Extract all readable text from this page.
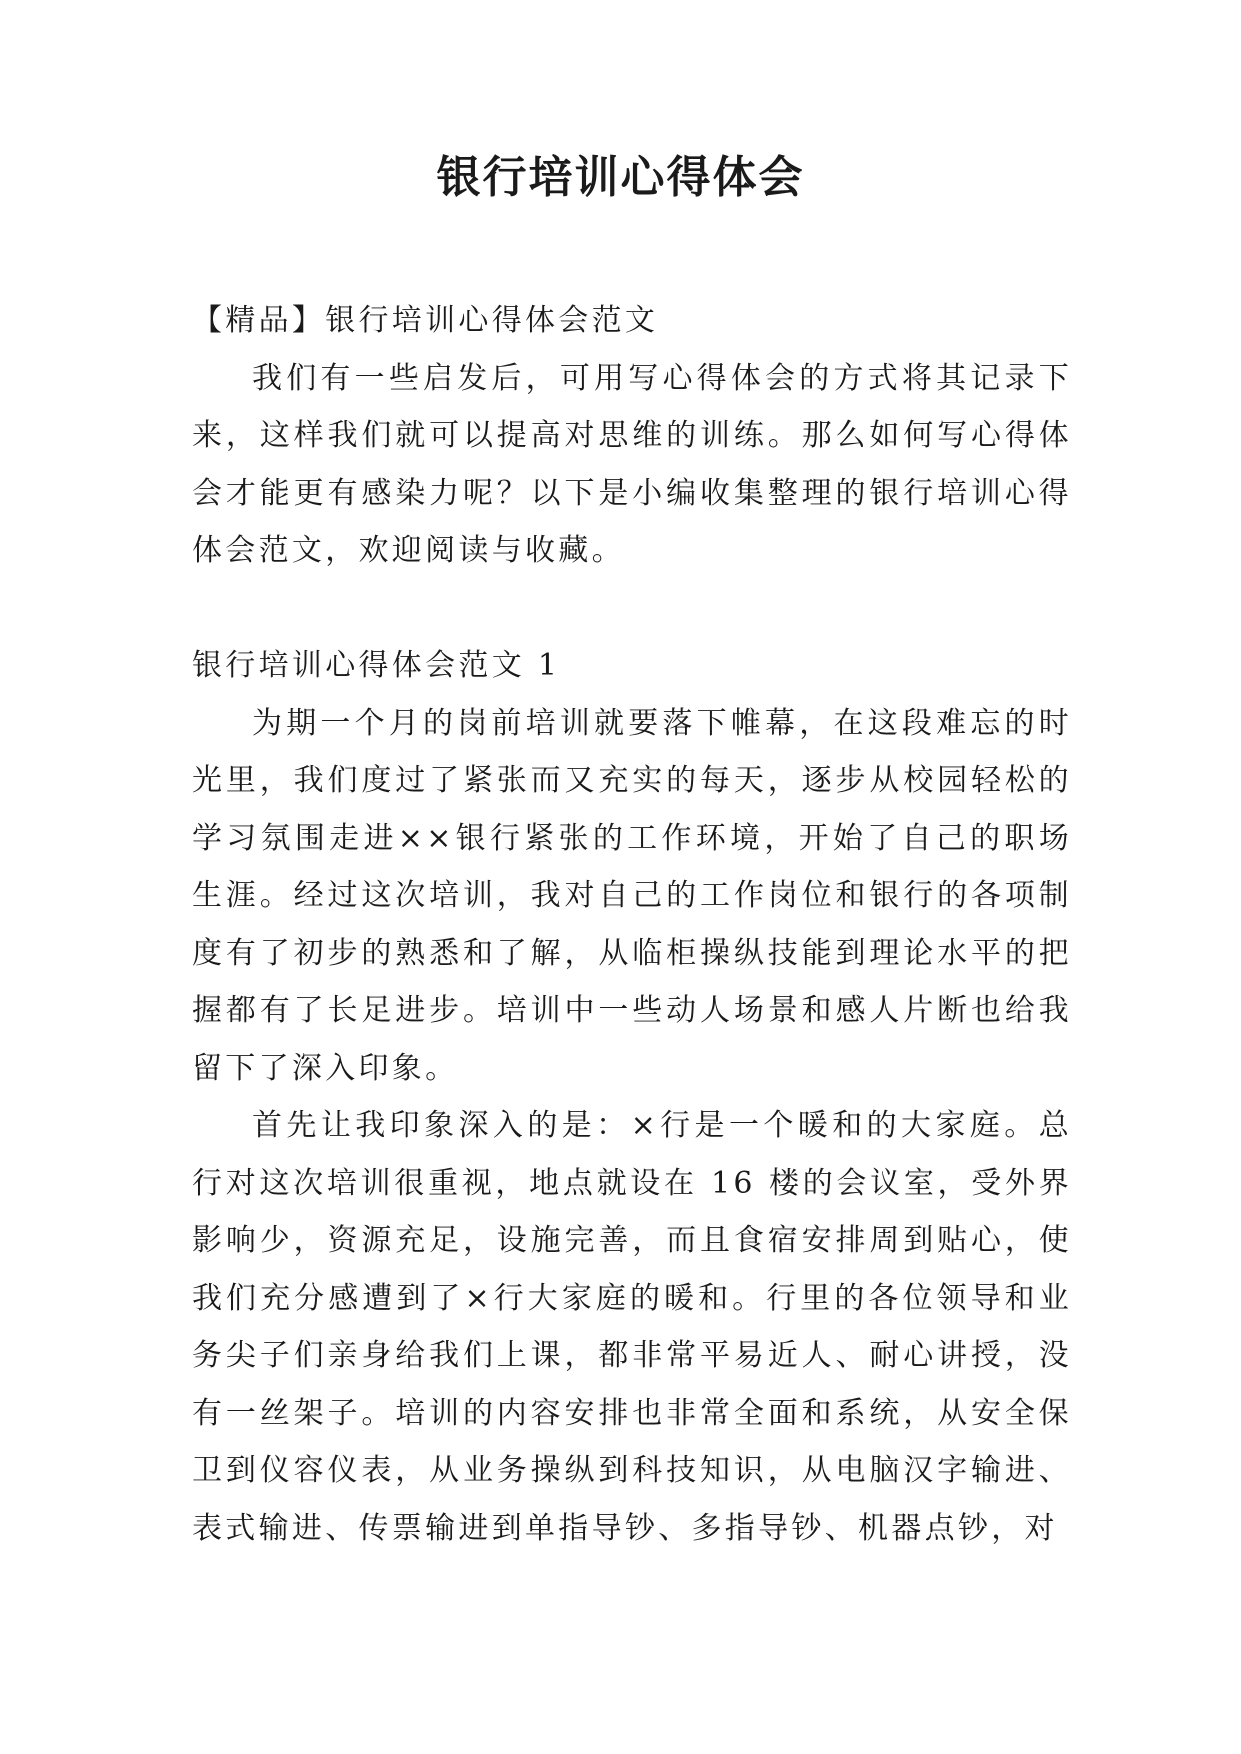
银行培训心得体会

【精品】银行培训心得体会范文

我们有一些启发后，可用写心得体会的方式将其记录下来，这样我们就可以提高对思维的训练。那么如何写心得体会才能更有感染力呢？以下是小编收集整理的银行培训心得体会范文，欢迎阅读与收藏。

银行培训心得体会范文 1

为期一个月的岗前培训就要落下帷幕，在这段难忘的时光里，我们度过了紧张而又充实的每天，逐步从校园轻松的学习氛围走进××银行紧张的工作环境，开始了自己的职场生涯。经过这次培训，我对自己的工作岗位和银行的各项制度有了初步的熟悉和了解，从临柜操纵技能到理论水平的把握都有了长足进步。培训中一些动人场景和感人片断也给我留下了深入印象。

首先让我印象深入的是：×行是一个暖和的大家庭。总行对这次培训很重视，地点就设在 16 楼的会议室，受外界影响少，资源充足，设施完善，而且食宿安排周到贴心，使我们充分感遭到了×行大家庭的暖和。行里的各位领导和业务尖子们亲身给我们上课，都非常平易近人、耐心讲授，没有一丝架子。培训的内容安排也非常全面和系统，从安全保卫到仪容仪表，从业务操纵到科技知识，从电脑汉字输进、表式输进、传票输进到单指导钞、多指导钞、机器点钞，对
